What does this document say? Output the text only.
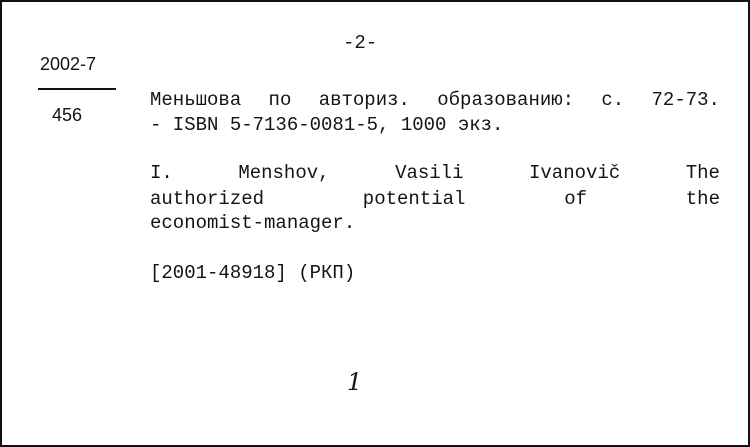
-2-
2002-7
456
Меньшова по авториз. образованию: с. 72-73.
- ISBN 5-7136-0081-5, 1000 экз.
I.	Menshov,	Vasili	Ivanovič	The
authorized	potential	of	the
economist-manager.
[2001-48918] (РКП)
1
